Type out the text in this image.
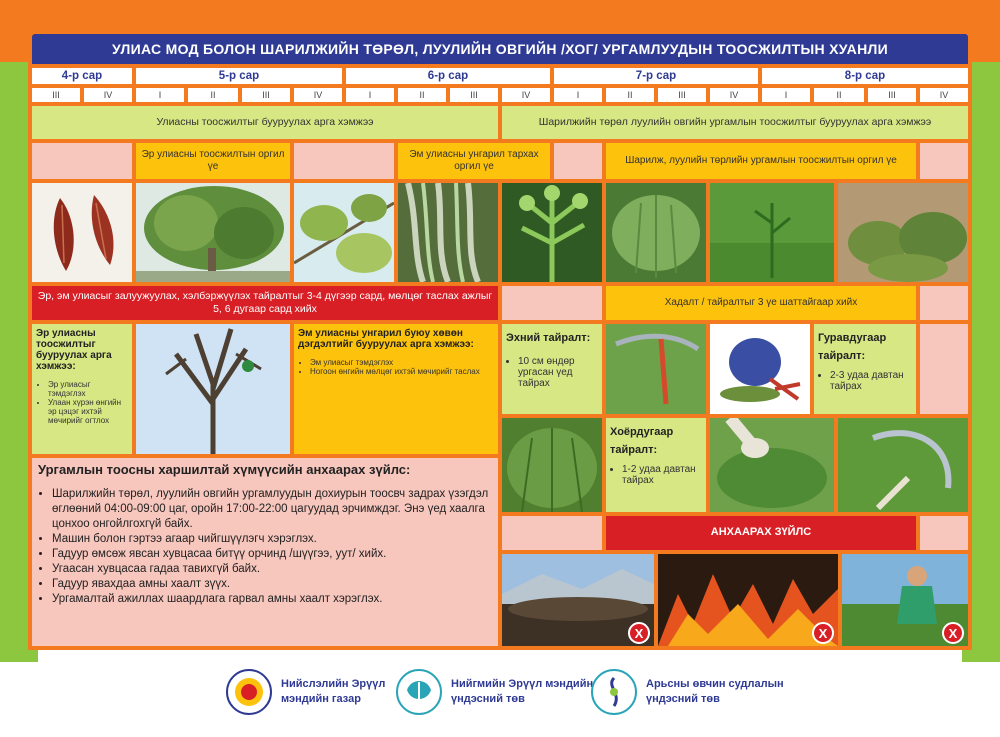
УЛИАС МОД БОЛОН ШАРИЛЖИЙН ТӨРӨЛ, ЛУУЛИЙН ОВГИЙН /ХОГ/ УРГАМЛУУДЫН ТООСЖИЛТЫН ХУАНЛИ
4-р сар	5-р сар	6-р сар	7-р сар	8-р сар
III	IV	I	II	III	IV	I	II	III	IV	I	II	III	IV	I	II	III	IV
Улиасны тоосжилтыг бууруулах арга хэмжээ	Шарилжийн төрөл луулийн овгийн ургамлын тоосжилтыг бууруулах арга хэмжээ
Эр улиасны тоосжилтын оргил үе
Эм улиасны унгарил тархах оргил үе
Шарилж, луулийн төрлийн ургамлын тоосжилтын оргил үе
Эр, эм улиасыг залуужуулах, хэлбэржүүлэх тайралтыг 3-4 дүгээр сард, мөлцөг таслах ажлыг 5, 6 дугаар сард хийх
Хадалт / тайралтыг 3 үе шаттайгаар хийх
Эр улиасны тоосжилтыг бууруулах арга хэмжээ:
• Эр улиасыг тэмдэглэх
• Улаан хүрэн өнгийн эр цэцэг ихтэй мөчирийг огтлох
Эм улиасны унгарил буюу хөвөн дэгдэлтийг бууруулах арга хэмжээ:
• Эм улиасыг тэмдэглэх
• Ногоон өнгийн мөлцөг ихтэй мөчирийг таслах
Эхний тайралт:
• 10 см өндөр ургасан үед тайрах
Гуравдугаар тайралт:
• 2-3 удаа давтан тайрах
Хоёрдугаар тайралт:
• 1-2 удаа давтан тайрах
Ургамлын тоосны харшилтай хүмүүсийн анхаарах зүйлс:
• Шарилжийн төрөл, луулийн овгийн ургамлуудын дохиурын тоосвч задрах үзэгдэл өглөөний 04:00-09:00 цаг, оройн 17:00-22:00 цагуудад эрчимждэг. Энэ үед хаалга цонхоо онгойлгохгүй байх.
• Машин болон гэртээ агаар чийгшүүлэгч хэрэглэх.
• Гадуур өмсөж явсан хувцасаа битүү орчинд /шүүгээ, уут/ хийх.
• Угаасан хувцасаа гадаа тавихгүй байх.
• Гадуур явахдаа амны хаалт зүүх.
• Ургамалтай ажиллах шаардлага гарвал амны хаалт хэрэглэх.
АНХААРАХ ЗҮЙЛС
X	X	X
Нийслэлийн Эрүүл
мэндийн газар
Нийгмийн Эрүүл мэндийн
үндэсний төв
Арьсны өвчин судлалын
үндэсний төв
